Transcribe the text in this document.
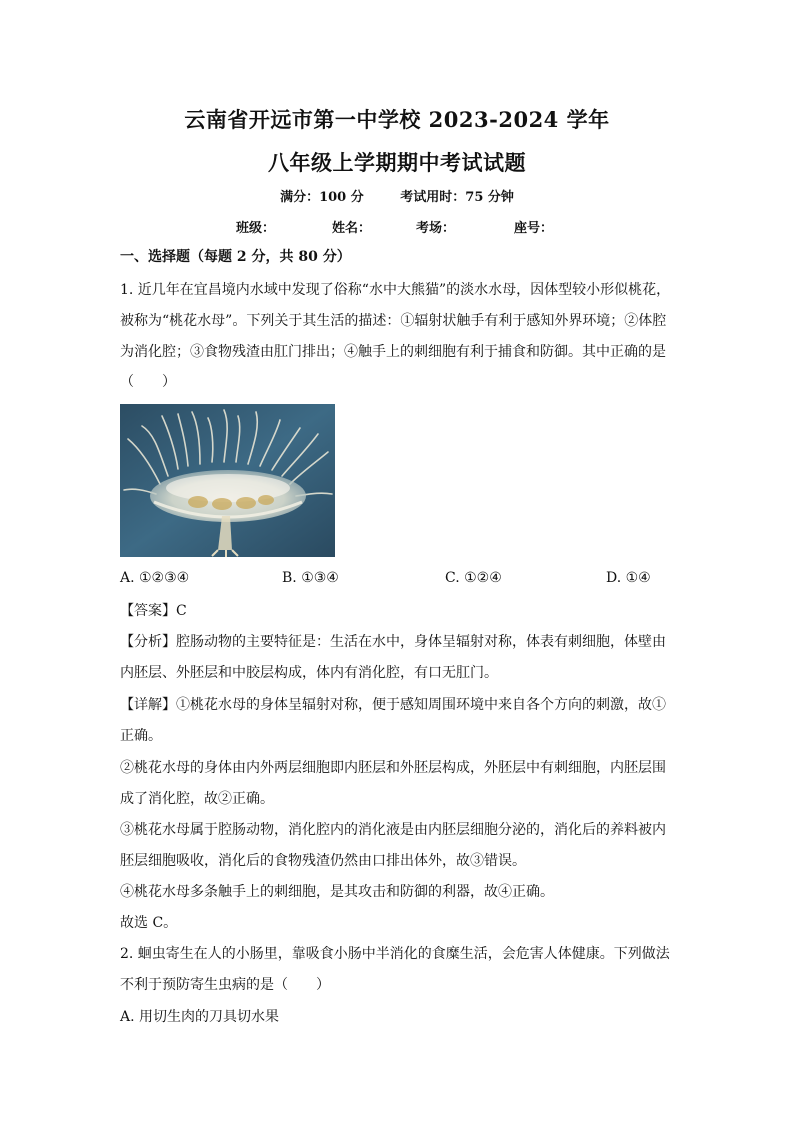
云南省开远市第一中学校 2023-2024 学年
八年级上学期期中考试试题
满分：100 分	考试用时：75 分钟
班级：	姓名：	考场：	座号：
一、选择题（每题 2 分，共 80 分）
1. 近几年在宜昌境内水域中发现了俗称“水中大熊猫”的淡水水母，因体型较小形似桃花，
被称为“桃花水母”。下列关于其生活的描述：①辐射状触手有利于感知外界环境；②体腔
为消化腔；③食物残渣由肛门排出；④触手上的刺细胞有利于捕食和防御。其中正确的是
（　　）
A. ①②③④	B. ①③④	C. ①②④	D. ①④
【答案】C
【分析】腔肠动物的主要特征是：生活在水中，身体呈辐射对称，体表有刺细胞，体壁由
内胚层、外胚层和中胶层构成，体内有消化腔，有口无肛门。
【详解】①桃花水母的身体呈辐射对称，便于感知周围环境中来自各个方向的刺激，故①
正确。
②桃花水母的身体由内外两层细胞即内胚层和外胚层构成，外胚层中有刺细胞，内胚层围
成了消化腔，故②正确。
③桃花水母属于腔肠动物，消化腔内的消化液是由内胚层细胞分泌的，消化后的养料被内
胚层细胞吸收，消化后的食物残渣仍然由口排出体外，故③错误。
④桃花水母多条触手上的刺细胞，是其攻击和防御的利器，故④正确。
故选 C。
2. 蛔虫寄生在人的小肠里，靠吸食小肠中半消化的食糜生活，会危害人体健康。下列做法
不利于预防寄生虫病的是（　　）
A. 用切生肉的刀具切水果
